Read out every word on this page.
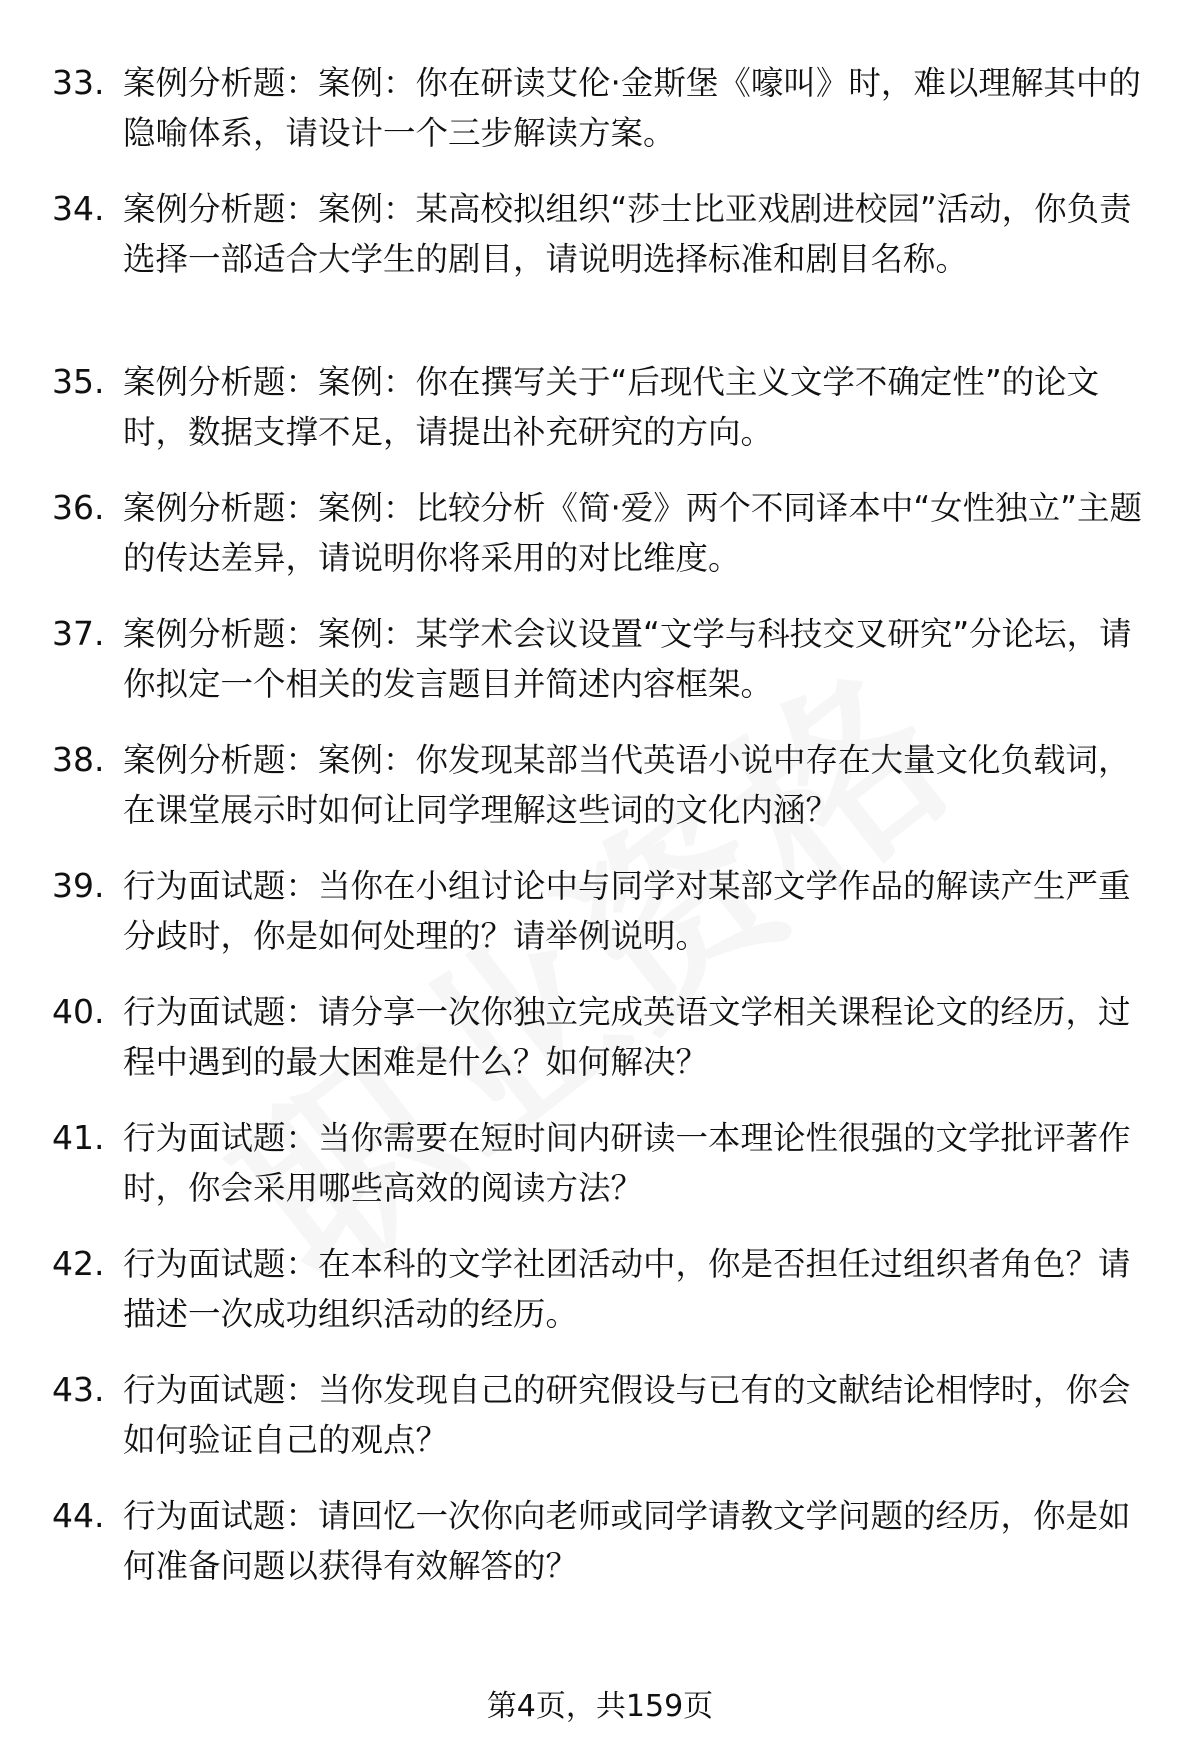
33. 案例分析题：案例：你在研读艾伦·金斯堡《嚎叫》时，难以理解其中的隐喻体系，请设计一个三步解读方案。
34. 案例分析题：案例：某高校拟组织“莎士比亚戏剧进校园”活动，你负责选择一部适合大学生的剧目，请说明选择标准和剧目名称。
35. 案例分析题：案例：你在撰写关于“后现代主义文学不确定性”的论文时，数据支撑不足，请提出补充研究的方向。
36. 案例分析题：案例：比较分析《简·爱》两个不同译本中“女性独立”主题的传达差异，请说明你将采用的对比维度。
37. 案例分析题：案例：某学术会议设置“文学与科技交叉研究”分论坛，请你拟定一个相关的发言题目并简述内容框架。
38. 案例分析题：案例：你发现某部当代英语小说中存在大量文化负载词，在课堂展示时如何让同学理解这些词的文化内涵？
39. 行为面试题：当你在小组讨论中与同学对某部文学作品的解读产生严重分歧时，你是如何处理的？请举例说明。
40. 行为面试题：请分享一次你独立完成英语文学相关课程论文的经历，过程中遇到的最大困难是什么？如何解决？
41. 行为面试题：当你需要在短时间内研读一本理论性很强的文学批评著作时，你会采用哪些高效的阅读方法？
42. 行为面试题：在本科的文学社团活动中，你是否担任过组织者角色？请描述一次成功组织活动的经历。
43. 行为面试题：当你发现自己的研究假设与已有的文献结论相悖时，你会如何验证自己的观点？
44. 行为面试题：请回忆一次你向老师或同学请教文学问题的经历，你是如何准备问题以获得有效解答的？
第4页，共159页
